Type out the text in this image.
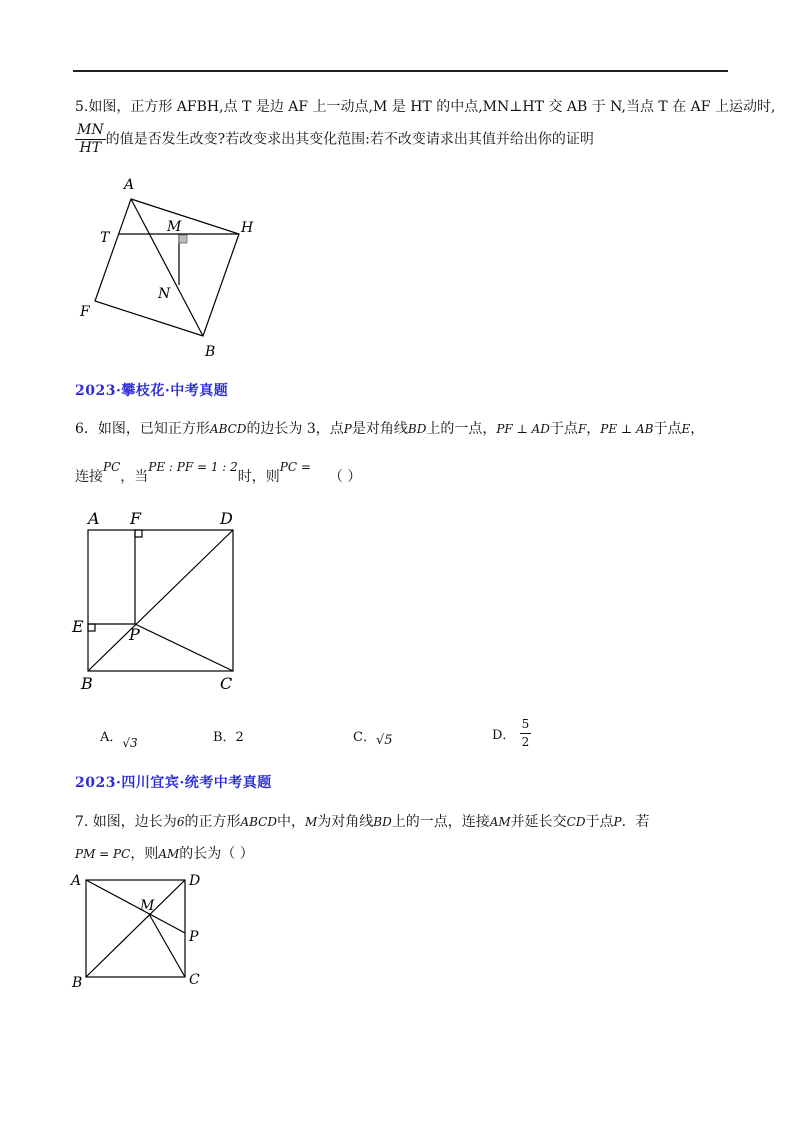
5.如图，正方形 AFBH,点 T 是边 AF 上一动点,M 是 HT 的中点,MN⊥HT 交 AB 于 N,当点 T 在 AF 上运动时,
$\frac{MN}{HT}$ 的值是否发生改变?若改变求出其变化范围:若不改变请求出其值并给出你的证明
A
T
M	H
N
F
B
2023·攀枝花·中考真题
6．如图，已知正方形ABCD的边长为 3，点P是对角线BD上的一点，PF ⊥ AD于点F，PE ⊥ AB于点E，
连接PC，当PE : PF = 1 : 2时，则PC =（ ）
A F	D
E	P
B	C
A．√3	B．2	C．√5	D． $\frac{5}{2}$
2023·四川宜宾·统考中考真题
7. 如图，边长为6的正方形ABCD中，M为对角线BD上的一点，连接AM并延长交CD于点P．若
PM = PC，则AM的长为（ ）
A	D
M
P
B	C
